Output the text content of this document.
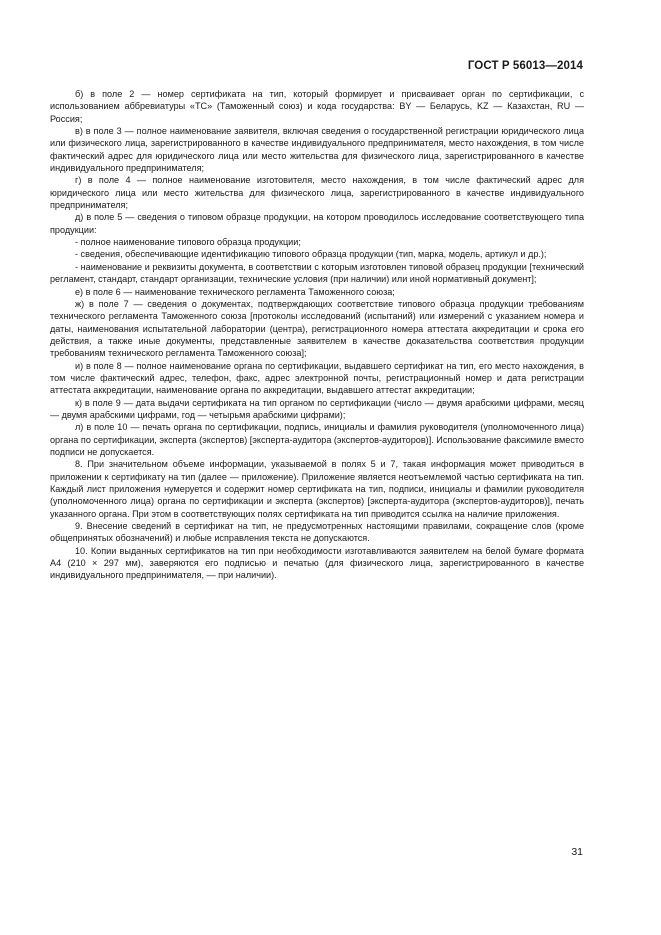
ГОСТ Р 56013—2014

б) в поле 2 — номер сертификата на тип, который формирует и присваивает орган по сертификации, с использованием аббревиатуры «ТС» (Таможенный союз) и кода государства: BY — Беларусь, KZ — Казахстан, RU — Россия;

в) в поле 3 — полное наименование заявителя, включая сведения о государственной регистрации юридического лица или физического лица, зарегистрированного в качестве индивидуального предпринимателя, место нахождения, в том числе фактический адрес для юридического лица или место жительства для физического лица, зарегистрированного в качестве индивидуального предпринимателя;

г) в поле 4 — полное наименование изготовителя, место нахождения, в том числе фактический адрес для юридического лица или место жительства для физического лица, зарегистрированного в качестве индивидуального предпринимателя;

д) в поле 5 — сведения о типовом образце продукции, на котором проводилось исследование соответствующего типа продукции:

- полное наименование типового образца продукции;

- сведения, обеспечивающие идентификацию типового образца продукции (тип, марка, модель, артикул и др.);

- наименование и реквизиты документа, в соответствии с которым изготовлен типовой образец продукции [технический регламент, стандарт, стандарт организации, технические условия (при наличии) или иной нормативный документ];

е) в поле 6 — наименование технического регламента Таможенного союза;

ж) в поле 7 — сведения о документах, подтверждающих соответствие типового образца продукции требованиям технического регламента Таможенного союза [протоколы исследований (испытаний) или измерений с указанием номера и даты, наименования испытательной лаборатории (центра), регистрационного номера аттестата аккредитации и срока его действия, а также иные документы, представленные заявителем в качестве доказательства соответствия продукции требованиям технического регламента Таможенного союза];

и) в поле 8 — полное наименование органа по сертификации, выдавшего сертификат на тип, его место нахождения, в том числе фактический адрес, телефон, факс, адрес электронной почты, регистрационный номер и дата регистрации аттестата аккредитации, наименование органа по аккредитации, выдавшего аттестат аккредитации;

к) в поле 9 — дата выдачи сертификата на тип органом по сертификации (число — двумя арабскими цифрами, месяц — двумя арабскими цифрами, год — четырьмя арабскими цифрами);

л) в поле 10 — печать органа по сертификации, подпись, инициалы и фамилия руководителя (уполномоченного лица) органа по сертификации, эксперта (экспертов) [эксперта-аудитора (экспертов-аудиторов)]. Использование факсимиле вместо подписи не допускается.

8. При значительном объеме информации, указываемой в полях 5 и 7, такая информация может приводиться в приложении к сертификату на тип (далее — приложение). Приложение является неотъемлемой частью сертификата на тип. Каждый лист приложения нумеруется и содержит номер сертификата на тип, подписи, инициалы и фамилии руководителя (уполномоченного лица) органа по сертификации и эксперта (экспертов) [эксперта-аудитора (экспертов-аудиторов)], печать указанного органа. При этом в соответствующих полях сертификата на тип приводится ссылка на наличие приложения.

9. Внесение сведений в сертификат на тип, не предусмотренных настоящими правилами, сокращение слов (кроме общепринятых обозначений) и любые исправления текста не допускаются.

10. Копии выданных сертификатов на тип при необходимости изготавливаются заявителем на белой бумаге формата А4 (210 × 297 мм), заверяются его подписью и печатью (для физического лица, зарегистрированного в качестве индивидуального предпринимателя, — при наличии).

31
